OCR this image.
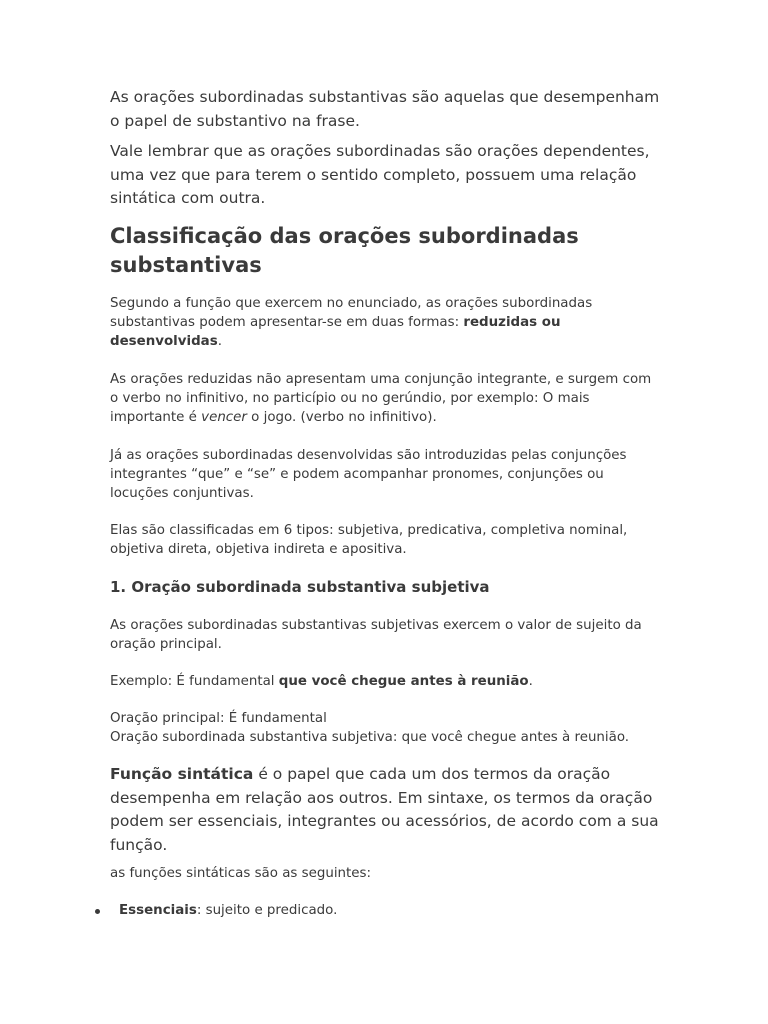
As orações subordinadas substantivas são aquelas que desempenham o papel de substantivo na frase.

Vale lembrar que as orações subordinadas são orações dependentes, uma vez que para terem o sentido completo, possuem uma relação sintática com outra.

Classificação das orações subordinadas substantivas

Segundo a função que exercem no enunciado, as orações subordinadas substantivas podem apresentar-se em duas formas: reduzidas ou desenvolvidas.

As orações reduzidas não apresentam uma conjunção integrante, e surgem com o verbo no infinitivo, no particípio ou no gerúndio, por exemplo: O mais importante é vencer o jogo. (verbo no infinitivo).

Já as orações subordinadas desenvolvidas são introduzidas pelas conjunções integrantes “que” e “se” e podem acompanhar pronomes, conjunções ou locuções conjuntivas.

Elas são classificadas em 6 tipos: subjetiva, predicativa, completiva nominal, objetiva direta, objetiva indireta e apositiva.

1. Oração subordinada substantiva subjetiva

As orações subordinadas substantivas subjetivas exercem o valor de sujeito da oração principal.

Exemplo: É fundamental que você chegue antes à reunião.

Oração principal: É fundamental

Oração subordinada substantiva subjetiva: que você chegue antes à reunião.

Função sintática é o papel que cada um dos termos da oração desempenha em relação aos outros. Em sintaxe, os termos da oração podem ser essenciais, integrantes ou acessórios, de acordo com a sua função.

as funções sintáticas são as seguintes:

Essenciais: sujeito e predicado.
